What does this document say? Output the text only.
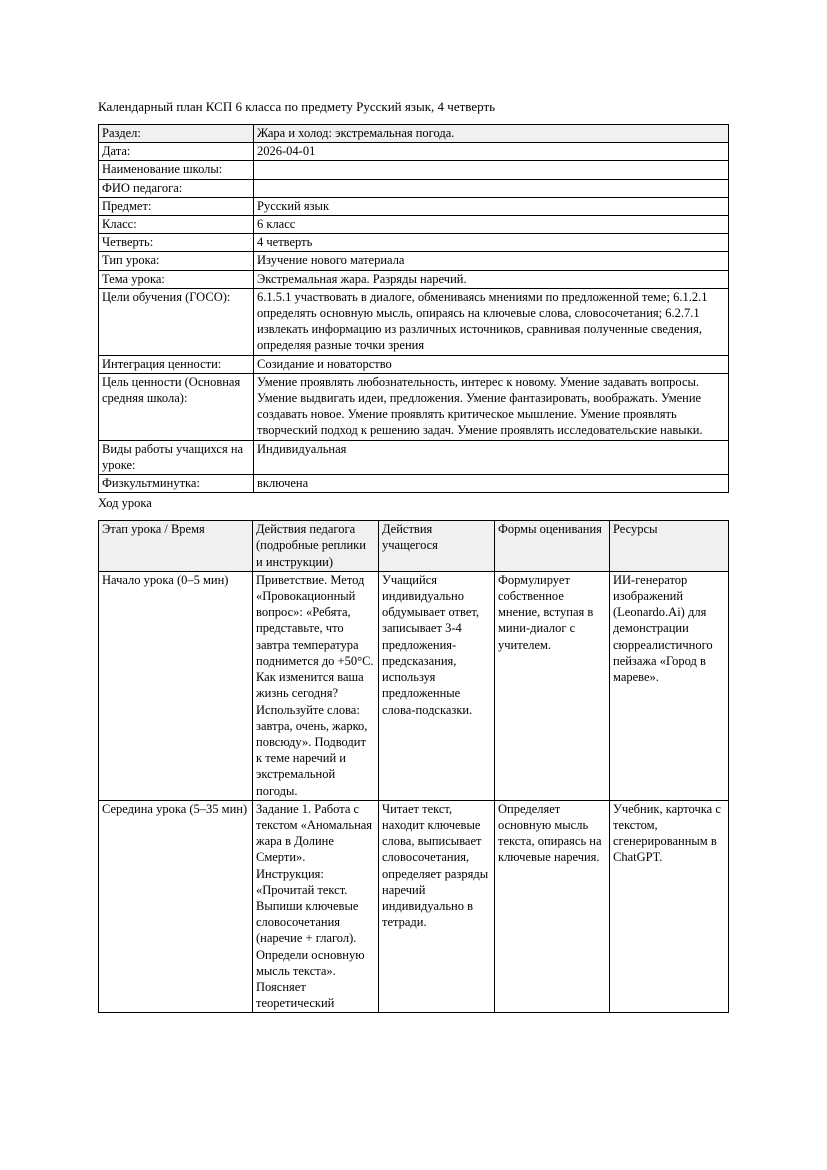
Календарный план КСП 6 класса по предмету Русский язык, 4 четверть

Раздел:	Жара и холод: экстремальная погода.
Дата:	2026-04-01
Наименование школы:	
ФИО педагога:	
Предмет:	Русский язык
Класс:	6 класс
Четверть:	4 четверть
Тип урока:	Изучение нового материала
Тема урока:	Экстремальная жара. Разряды наречий.
Цели обучения (ГОСО):	6.1.5.1 участвовать в диалоге, обмениваясь мнениями по предложенной теме; 6.1.2.1 определять основную мысль, опираясь на ключевые слова, словосочетания; 6.2.7.1 извлекать информацию из различных источников, сравнивая полученные сведения, определяя разные точки зрения
Интеграция ценности:	Созидание и новаторство
Цель ценности (Основная средняя школа):	Умение проявлять любознательность, интерес к новому. Умение задавать вопросы. Умение выдвигать идеи, предложения. Умение фантазировать, воображать. Умение создавать новое. Умение проявлять критическое мышление. Умение проявлять творческий подход к решению задач. Умение проявлять исследовательские навыки.
Виды работы учащихся на уроке:	Индивидуальная
Физкультминутка:	включена

Ход урока

Этап урока / Время	Действия педагога (подробные реплики и инструкции)	Действия учащегося	Формы оценивания	Ресурсы
Начало урока (0–5 мин)	Приветствие. Метод «Провокационный вопрос»: «Ребята, представьте, что завтра температура поднимется до +50°C. Как изменится ваша жизнь сегодня? Используйте слова: завтра, очень, жарко, повсюду». Подводит к теме наречий и экстремальной погоды.	Учащийся индивидуально обдумывает ответ, записывает 3-4 предложения-предсказания, используя предложенные слова-подсказки.	Формулирует собственное мнение, вступая в мини-диалог с учителем.	ИИ-генератор изображений (Leonardo.Ai) для демонстрации сюрреалистичного пейзажа «Город в мареве».
Середина урока (5–35 мин)	Задание 1. Работа с текстом «Аномальная жара в Долине Смерти». Инструкция: «Прочитай текст. Выпиши ключевые словосочетания (наречие + глагол). Определи основную мысль текста». Поясняет теоретический	Читает текст, находит ключевые слова, выписывает словосочетания, определяет разряды наречий индивидуально в тетради.	Определяет основную мысль текста, опираясь на ключевые наречия.	Учебник, карточка с текстом, сгенерированным в ChatGPT.
